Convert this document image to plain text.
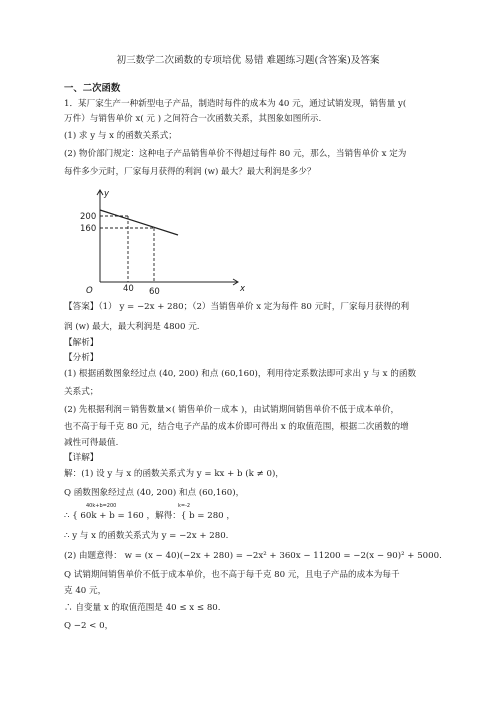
初三数学二次函数的专项培优 易错 难题练习题(含答案)及答案
一、二次函数
1．某厂家生产一种新型电子产品，制造时每件的成本为 40 元，通过试销发现，销售量 y(
万件）与销售单价 x( 元 ) 之间符合一次函数关系，其图象如图所示.
(1) 求 y 与 x 的函数关系式；
(2) 物价部门规定：这种电子产品销售单价不得超过每件 80 元，那么，当销售单价 x 定为
每件多少元时，厂家每月获得的利润 (w) 最大？最大利润是多少？
y
x
O
200
160
40 60
【答案】（1） y = −2x + 280；（2）当销售单价 x 定为每件 80 元时，厂家每月获得的利
润 (w) 最大，最大利润是 4800 元.
【解析】
【分析】
(1) 根据函数图象经过点 (40, 200) 和点 (60,160)，利用待定系数法即可求出 y 与 x 的函数
关系式；
(2) 先根据利润＝销售数量×( 销售单价－成本 )，由试销期间销售单价不低于成本单价，
也不高于每千克 80 元，结合电子产品的成本价即可得出 x 的取值范围，根据二次函数的增
减性可得最值.
【详解】
解：(1) 设 y 与 x 的函数关系式为 y = kx + b (k ≠ 0)，
Q 函数图象经过点 (40, 200) 和点 (60,160)，
40k+b=200	k=-2
∴ { 60k + b = 160 ，解得：{ b = 280 ，
∴ y 与 x 的函数关系式为 y = −2x + 280.
(2) 由题意得： w = (x − 40)(−2x + 280) = −2x² + 360x − 11200 = −2(x − 90)² + 5000.
Q 试销期间销售单价不低于成本单价，也不高于每千克 80 元，且电子产品的成本为每千
克 40 元，
∴ 自变量 x 的取值范围是 40 ≤ x ≤ 80.
Q −2 < 0，
